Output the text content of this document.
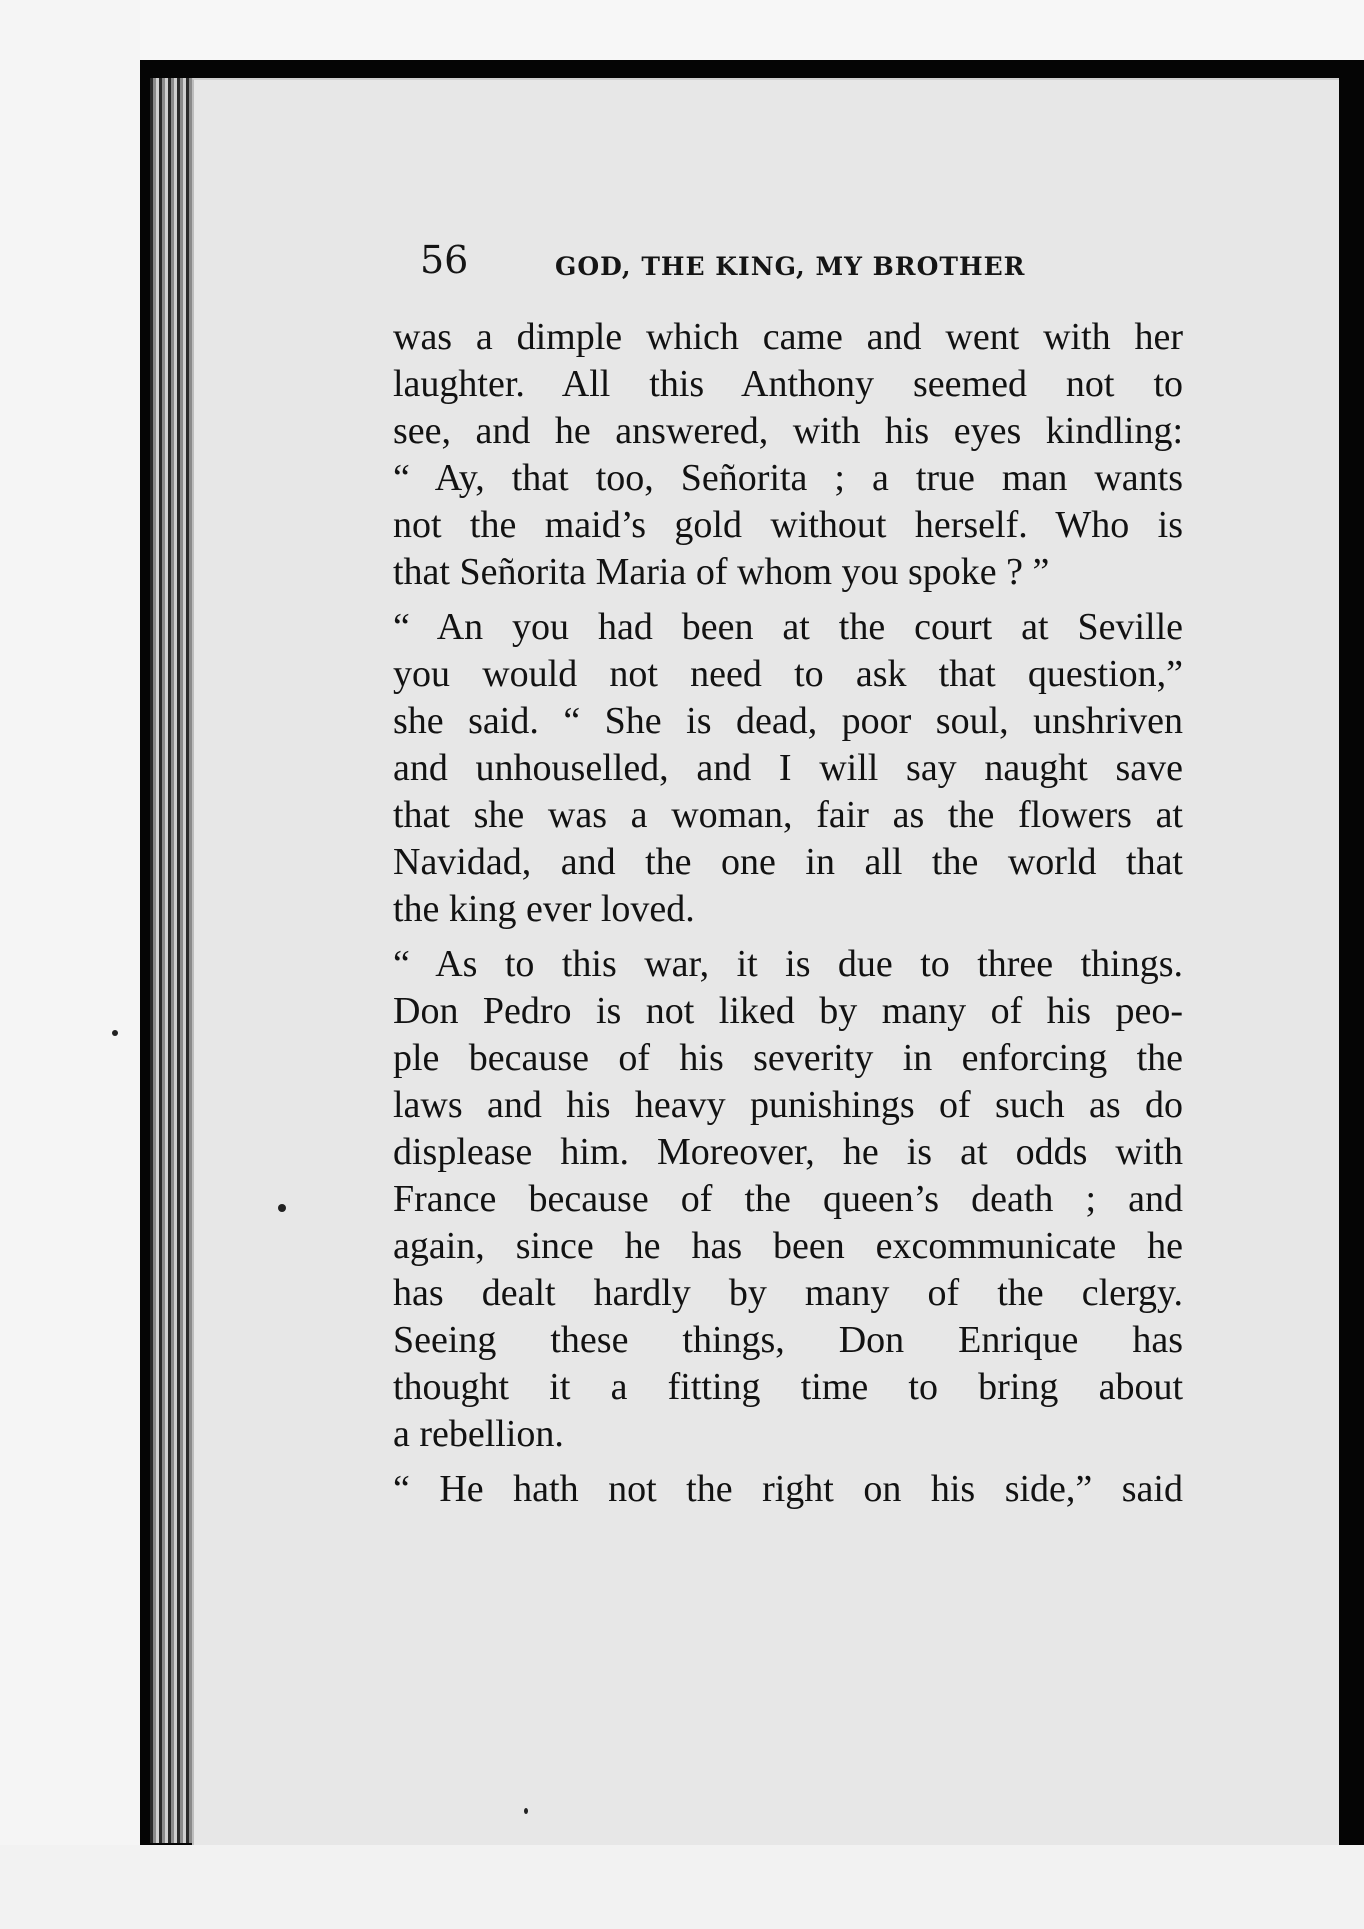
56	GOD, THE KING, MY BROTHER
was a dimple which came and went with her
laughter. All this Anthony seemed not to
see, and he answered, with his eyes kindling:
“ Ay, that too, Señorita ; a true man wants
not the maid’s gold without herself. Who is
that Señorita Maria of whom you spoke ? ”
“ An you had been at the court at Seville
you would not need to ask that question,”
she said. “ She is dead, poor soul, unshriven
and unhouselled, and I will say naught save
that she was a woman, fair as the flowers at
Navidad, and the one in all the world that
the king ever loved.
“ As to this war, it is due to three things.
Don Pedro is not liked by many of his peo-
ple because of his severity in enforcing the
laws and his heavy punishings of such as do
displease him. Moreover, he is at odds with
France because of the queen’s death ; and
again, since he has been excommunicate he
has dealt hardly by many of the clergy.
Seeing these things, Don Enrique has
thought it a fitting time to bring about
a rebellion.
“ He hath not the right on his side,” said
